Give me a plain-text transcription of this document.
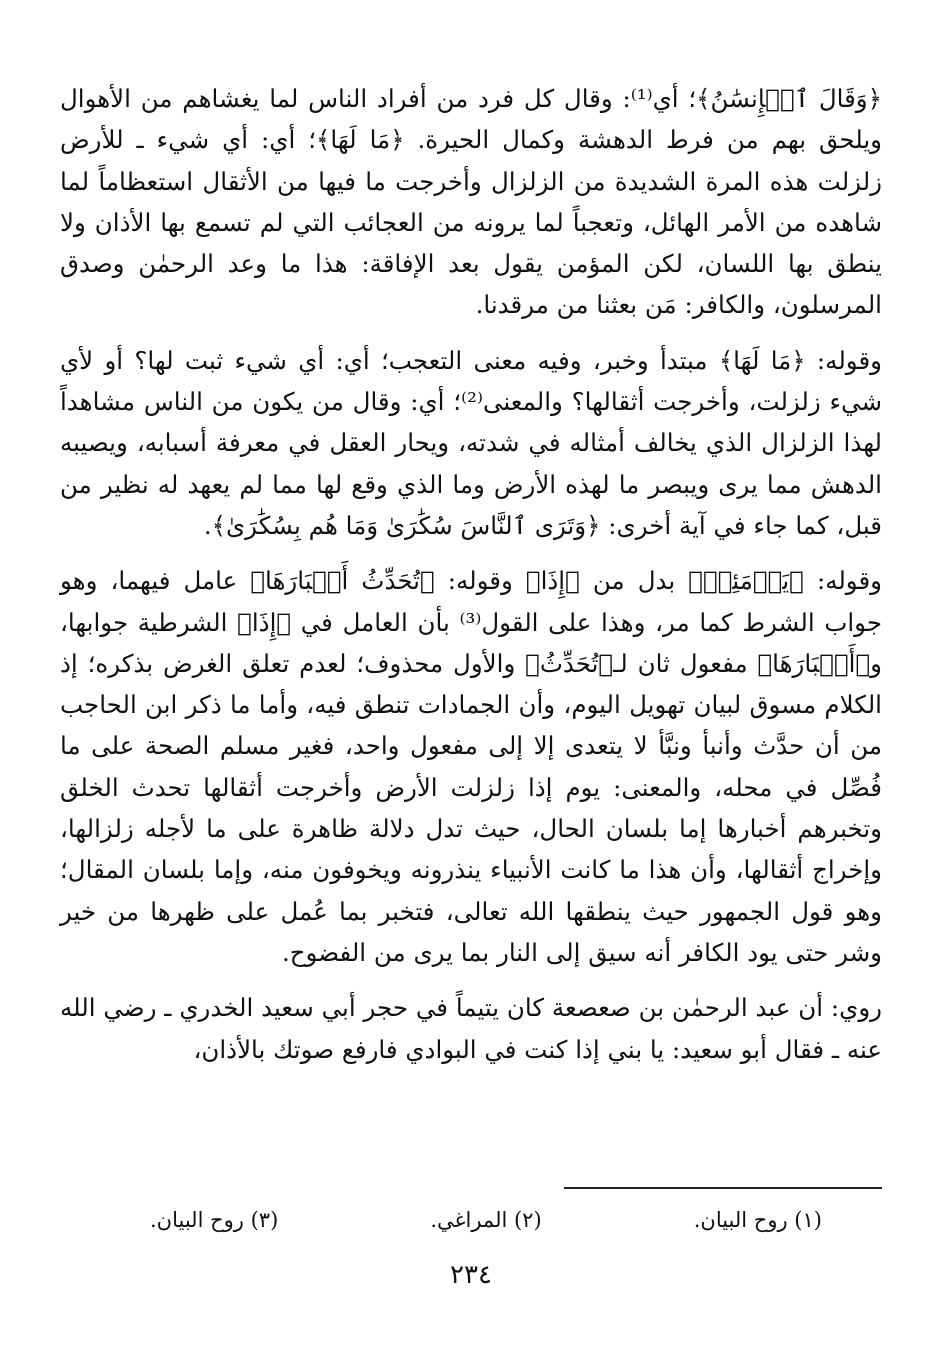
﴿وَقَالَ ٱلۡإِنسَٰنُ﴾؛ أي⁽¹⁾: وقال كل فرد من أفراد الناس لما يغشاهم من الأهوال ويلحق بهم من فرط الدهشة وكمال الحيرة. ﴿مَا لَهَا﴾؛ أي: أي شيء ـ للأرض زلزلت هذه المرة الشديدة من الزلزال وأخرجت ما فيها من الأثقال استعظاماً لما شاهده من الأمر الهائل، وتعجباً لما يرونه من العجائب التي لم تسمع بها الأذان ولا ينطق بها اللسان، لكن المؤمن يقول بعد الإفاقة: هذا ما وعد الرحمٰن وصدق المرسلون، والكافر: مَن بعثنا من مرقدنا.

وقوله: ﴿مَا لَهَا﴾ مبتدأ وخبر، وفيه معنى التعجب؛ أي: أي شيء ثبت لها؟ أو لأي شيء زلزلت، وأخرجت أثقالها؟ والمعنى⁽²⁾؛ أي: وقال من يكون من الناس مشاهداً لهذا الزلزال الذي يخالف أمثاله في شدته، ويحار العقل في معرفة أسبابه، ويصيبه الدهش مما يرى ويبصر ما لهذه الأرض وما الذي وقع لها مما لم يعهد له نظير من قبل، كما جاء في آية أخرى: ﴿وَتَرَى ٱلنَّاسَ سُكَٰرَىٰ وَمَا هُم بِسُكَٰرَىٰ﴾.

وقوله: ﴿يَوۡمَئِذٖ﴾ بدل من ﴿إِذَا﴾ وقوله: ﴿تُحَدِّثُ أَخۡبَارَهَا﴾ عامل فيهما، وهو جواب الشرط كما مر، وهذا على القول⁽³⁾ بأن العامل في ﴿إِذَا﴾ الشرطية جوابها، و﴿أَخۡبَارَهَا﴾ مفعول ثان لـ﴿تُحَدِّثُ﴾ والأول محذوف؛ لعدم تعلق الغرض بذكره؛ إذ الكلام مسوق لبيان تهويل اليوم، وأن الجمادات تنطق فيه، وأما ما ذكر ابن الحاجب من أن حدَّث وأنبأ ونبَّأ لا يتعدى إلا إلى مفعول واحد، فغير مسلم الصحة على ما فُصِّل في محله، والمعنى: يوم إذا زلزلت الأرض وأخرجت أثقالها تحدث الخلق وتخبرهم أخبارها إما بلسان الحال، حيث تدل دلالة ظاهرة على ما لأجله زلزالها، وإخراج أثقالها، وأن هذا ما كانت الأنبياء ينذرونه ويخوفون منه، وإما بلسان المقال؛ وهو قول الجمهور حيث ينطقها الله تعالى، فتخبر بما عُمل على ظهرها من خير وشر حتى يود الكافر أنه سيق إلى النار بما يرى من الفضوح.

روي: أن عبد الرحمٰن بن صعصعة كان يتيماً في حجر أبي سعيد الخدري ـ رضي الله عنه ـ فقال أبو سعيد: يا بني إذا كنت في البوادي فارفع صوتك بالأذان،

(١) روح البيان.
(٢) المراغي.
(٣) روح البيان.
٢٣٤
